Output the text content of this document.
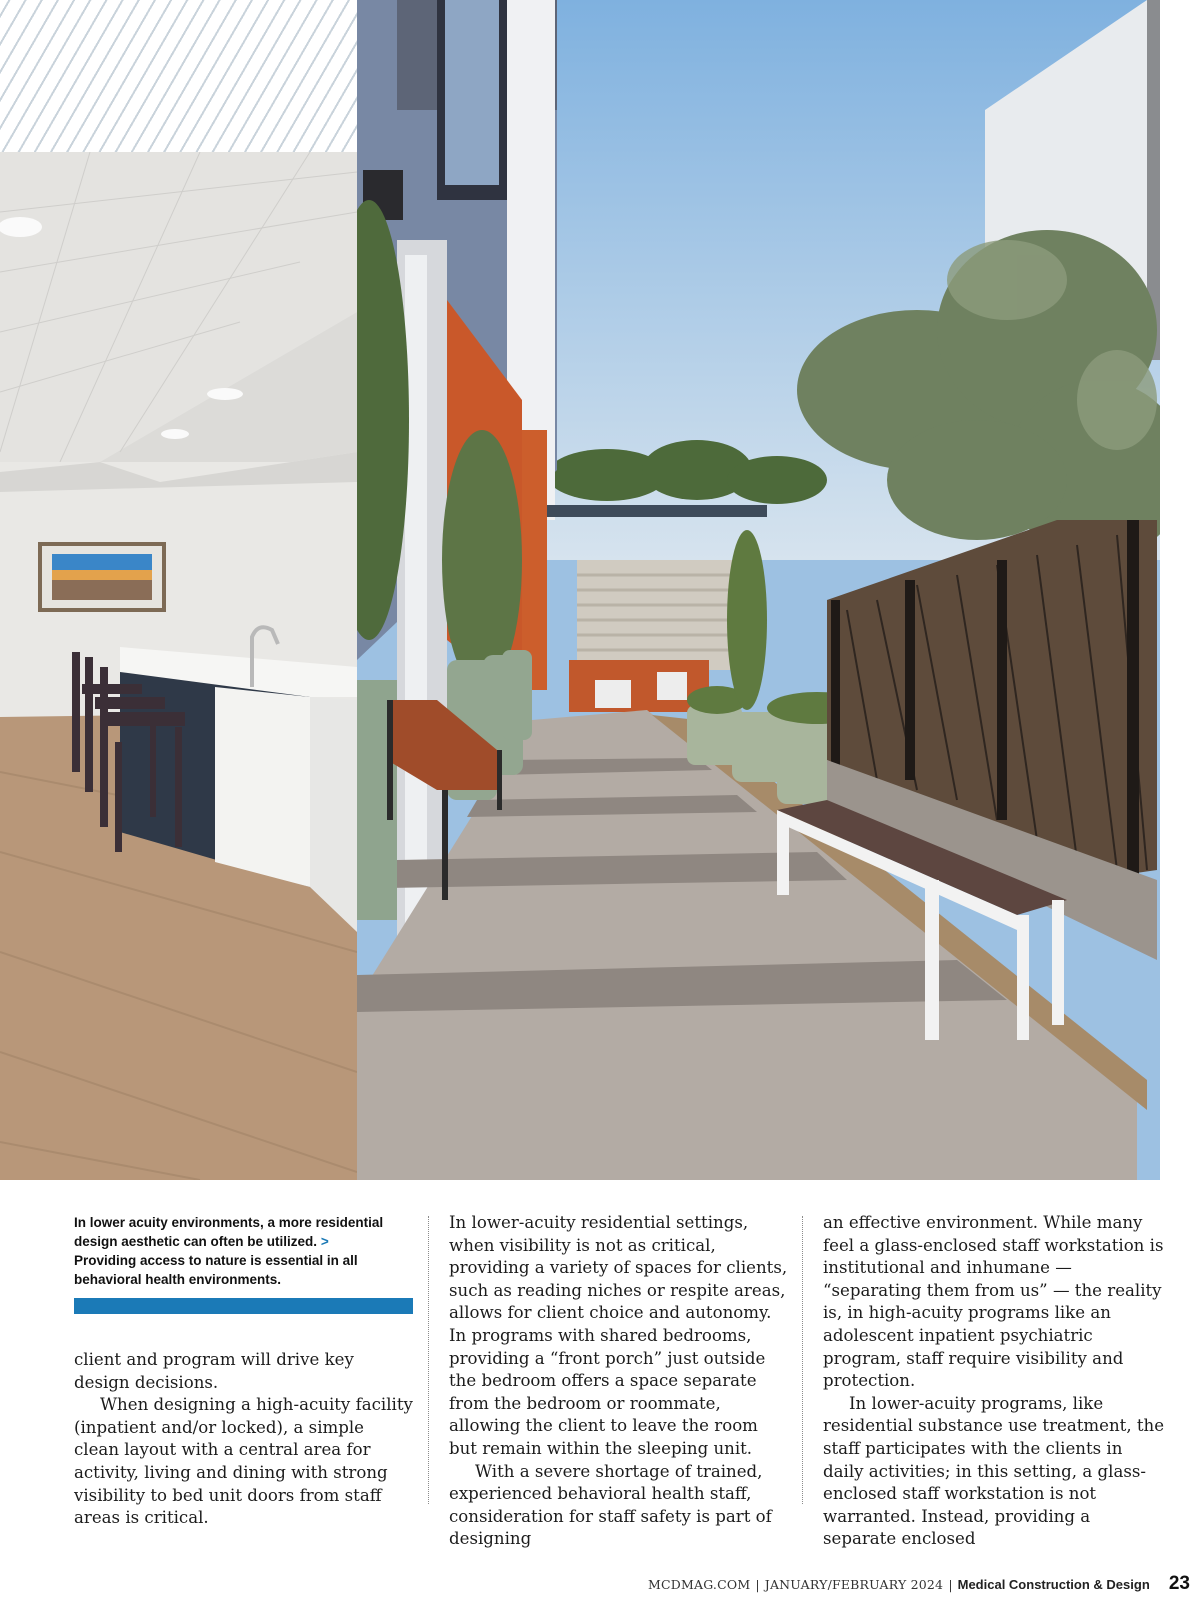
In lower acuity environments, a more residential design aesthetic can often be utilized. >
Providing access to nature is essential in all behavioral health environments.

client and program will drive key design decisions.

When designing a high-acuity facility (inpatient and/or locked), a simple clean layout with a central area for activity, living and dining with strong visibility to bed unit doors from staff areas is critical.

In lower-acuity residential settings, when visibility is not as critical, providing a variety of spaces for clients, such as reading niches or respite areas, allows for client choice and autonomy. In programs with shared bedrooms, providing a “front porch” just outside the bedroom offers a space separate from the bedroom or roommate, allowing the client to leave the room but remain within the sleeping unit.

With a severe shortage of trained, experienced behavioral health staff, consideration for staff safety is part of designing

an effective environment. While many feel a glass-enclosed staff workstation is institutional and inhumane — “separating them from us” — the reality is, in high-acuity programs like an adolescent inpatient psychiatric program, staff require visibility and protection.

In lower-acuity programs, like residential substance use treatment, the staff participates with the clients in daily activities; in this setting, a glass-enclosed staff workstation is not warranted. Instead, providing a separate enclosed

MCDMAG.COM | JANUARY/FEBRUARY 2024 | Medical Construction & Design 23
